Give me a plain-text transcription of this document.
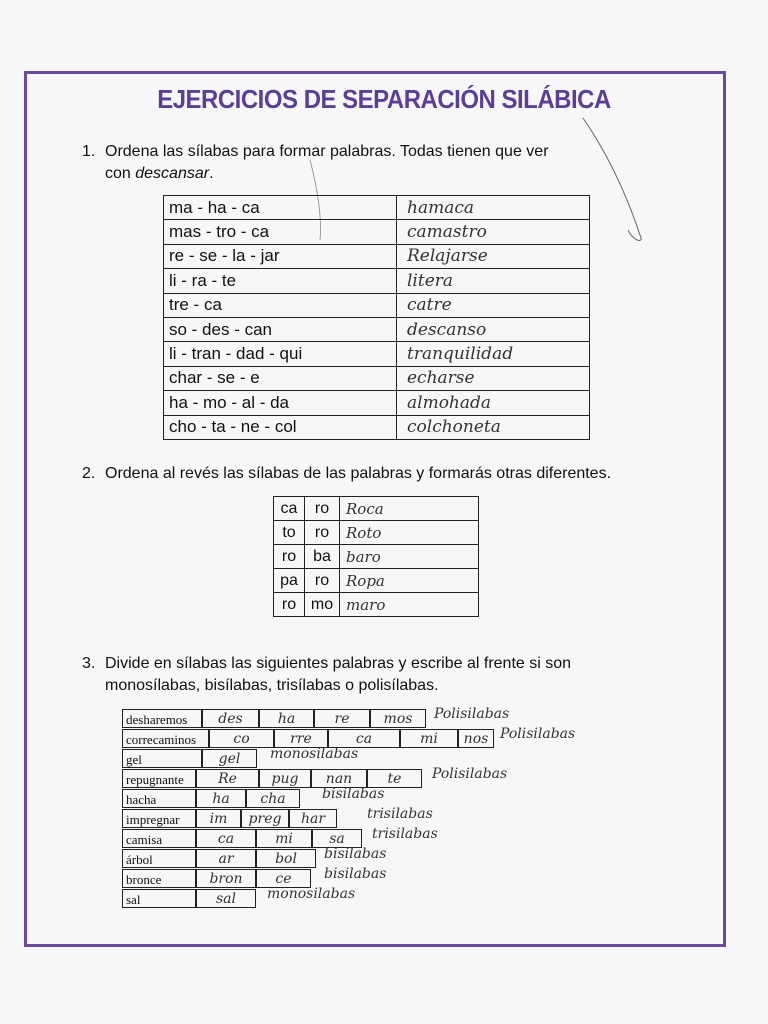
EJERCICIOS DE SEPARACIÓN SILÁBICA
1. Ordena las sílabas para formar palabras. Todas tienen que ver
con descansar.
ma - ha - ca	hamaca
mas - tro - ca	camastro
re - se - la - jar	Relajarse
li - ra - te	litera
tre - ca	catre
so - des - can	descanso
li - tran - dad - qui	tranquilidad
char - se - e	echarse
ha - mo - al - da	almohada
cho - ta - ne - col	colchoneta
2. Ordena al revés las sílabas de las palabras y formarás otras diferentes.
ca	ro	Roca
to	ro	Roto
ro	ba	baro
pa	ro	Ropa
ro	mo	maro
3. Divide en sílabas las siguientes palabras y escribe al frente si son
monosílabas, bisílabas, trisílabas o polisílabas.
desharemos	des	ha	re	mos	Polisilabas
correcaminos	co	rre	ca	mi	nos Polisilabas
gel	gel	monosilabas
repugnante	Re	pug	nan	te	Polisilabas
hacha	ha	cha	bisilabas
impregnar	im	preg	har	trisilabas
camisa	ca	mi	sa	trisilabas
árbol	ar	bol	bisilabas
bronce	bron	ce	bisilabas
sal	sal	monosilabas
